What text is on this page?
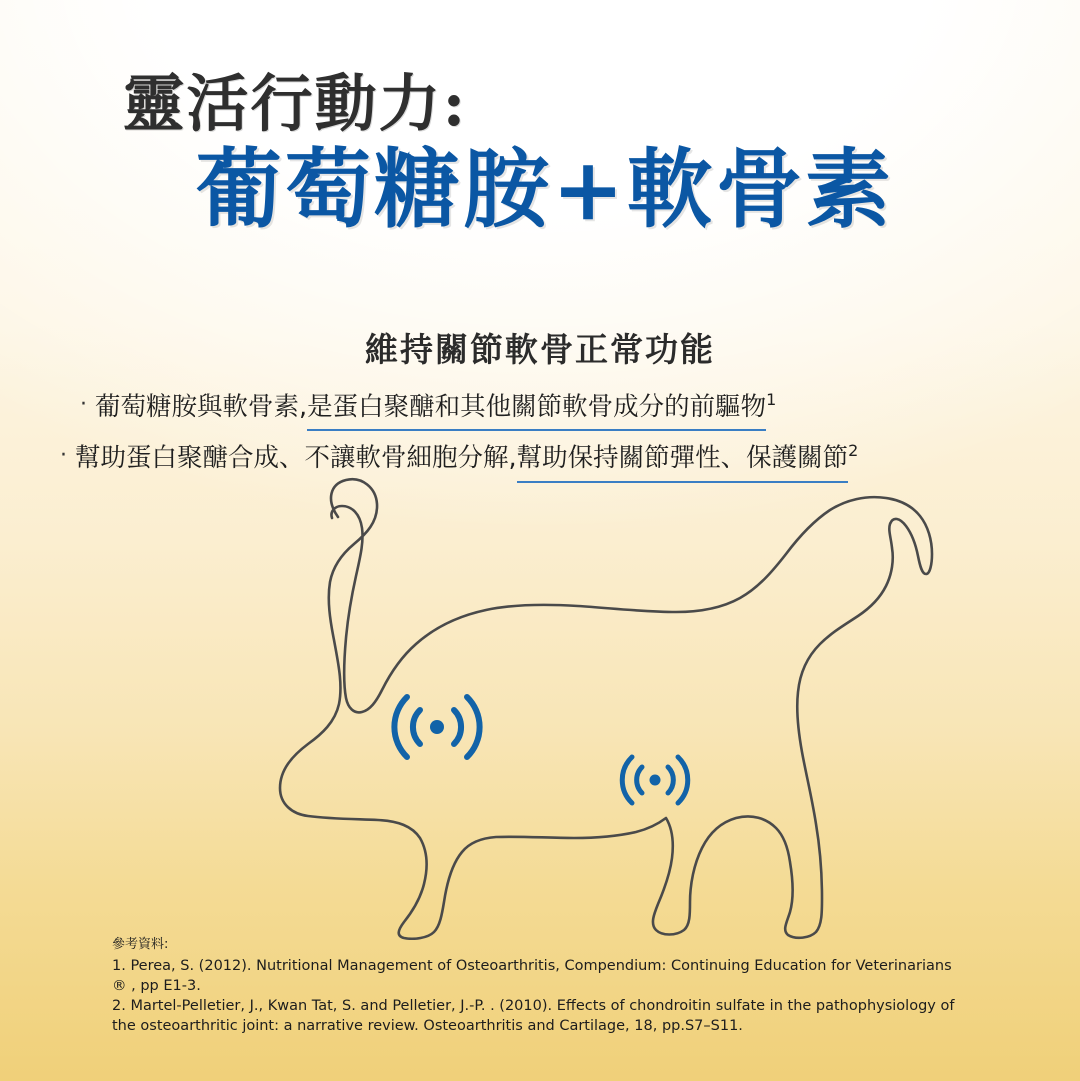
靈活行動力:
葡萄糖胺+軟骨素
維持關節軟骨正常功能
· 葡萄糖胺與軟骨素, 是蛋白聚醣和其他關節軟骨成分的前驅物 1
· 幫助蛋白聚醣合成、不讓軟骨細胞分解, 幫助保持關節彈性、保護關節 2

參考資料:

1. Perea, S. (2012). Nutritional Management of Osteoarthritis, Compendium: Continuing Education for Veterinarians

® , pp E1-3.

2. Martel-Pelletier, J., Kwan Tat, S. and Pelletier, J.-P. . (2010). Effects of chondroitin sulfate in the pathophysiology of

the osteoarthritic joint: a narrative review. Osteoarthritis and Cartilage, 18, pp.S7–S11.
